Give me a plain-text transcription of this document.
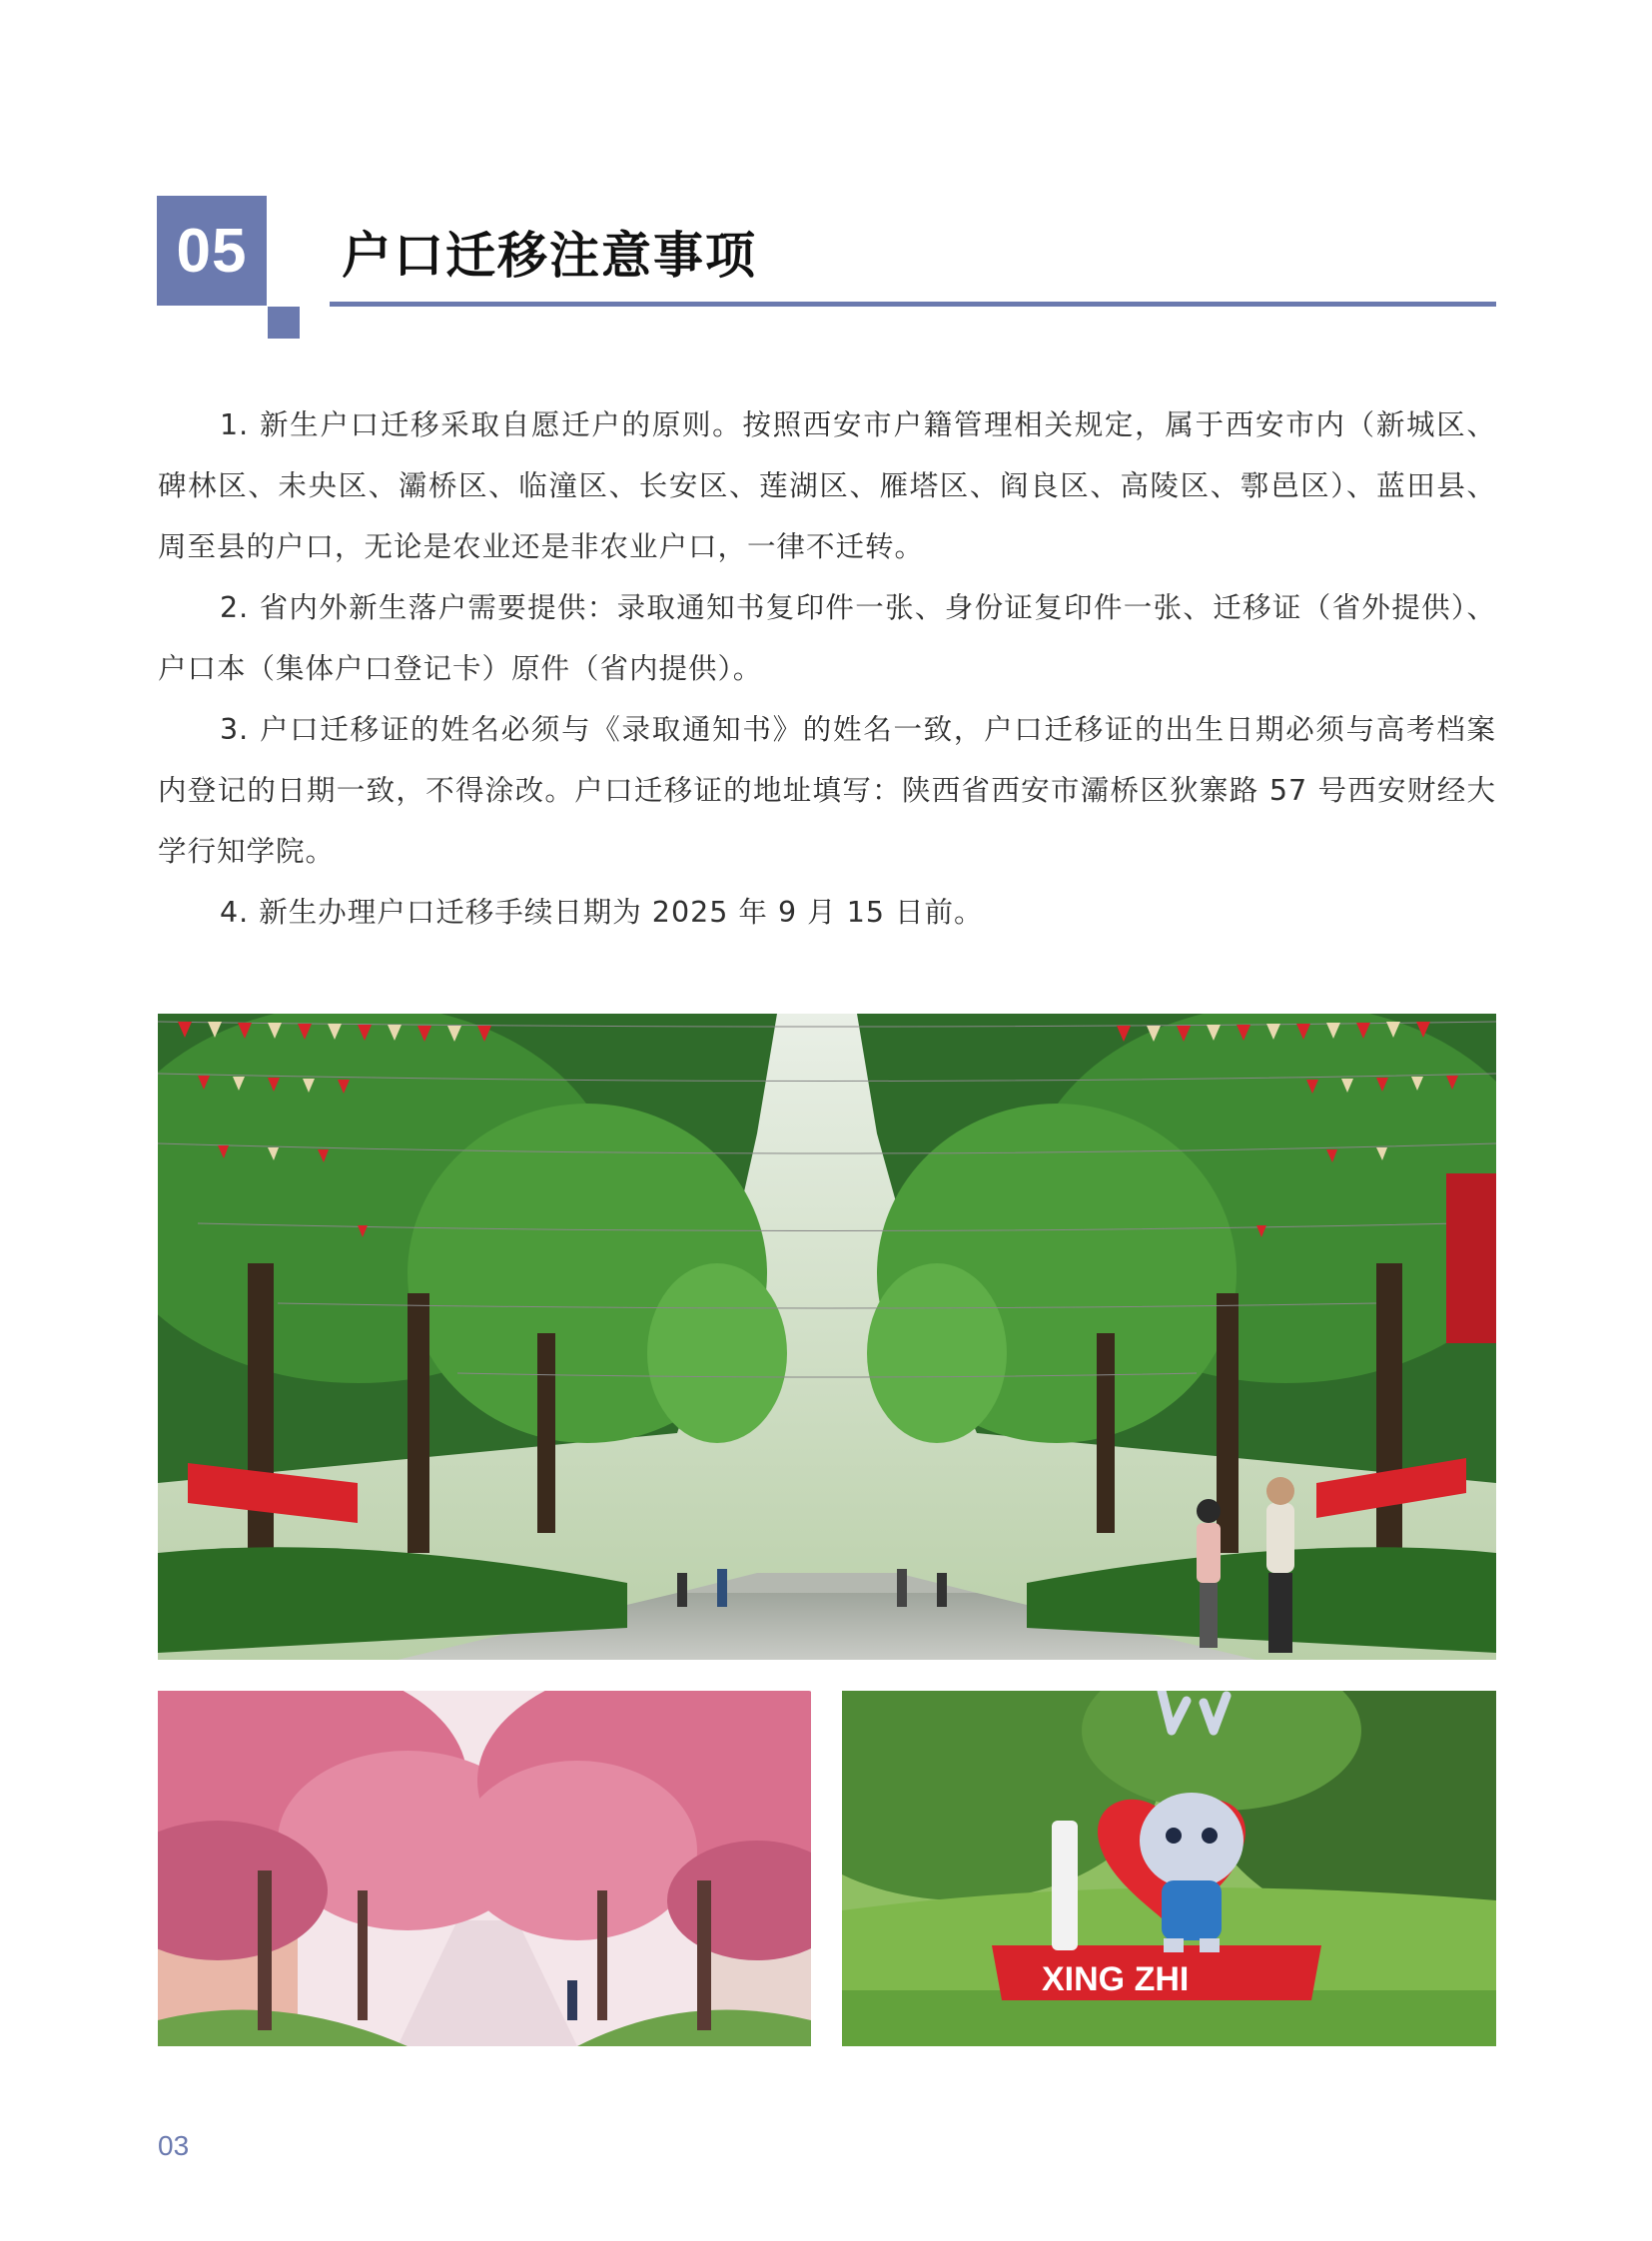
05	户口迁移注意事项

1. 新生户口迁移采取自愿迁户的原则。按照西安市户籍管理相关规定，属于西安市内（新城区、碑林区、未央区、灞桥区、临潼区、长安区、莲湖区、雁塔区、阎良区、高陵区、鄠邑区）、蓝田县、周至县的户口，无论是农业还是非农业户口，一律不迁转。

2. 省内外新生落户需要提供：录取通知书复印件一张、身份证复印件一张、迁移证（省外提供）、户口本（集体户口登记卡）原件（省内提供）。

3. 户口迁移证的姓名必须与《录取通知书》的姓名一致，户口迁移证的出生日期必须与高考档案内登记的日期一致，不得涂改。户口迁移证的地址填写：陕西省西安市灞桥区狄寨路 57 号西安财经大学行知学院。

4. 新生办理户口迁移手续日期为 2025 年 9 月 15 日前。

XING ZHI
03
